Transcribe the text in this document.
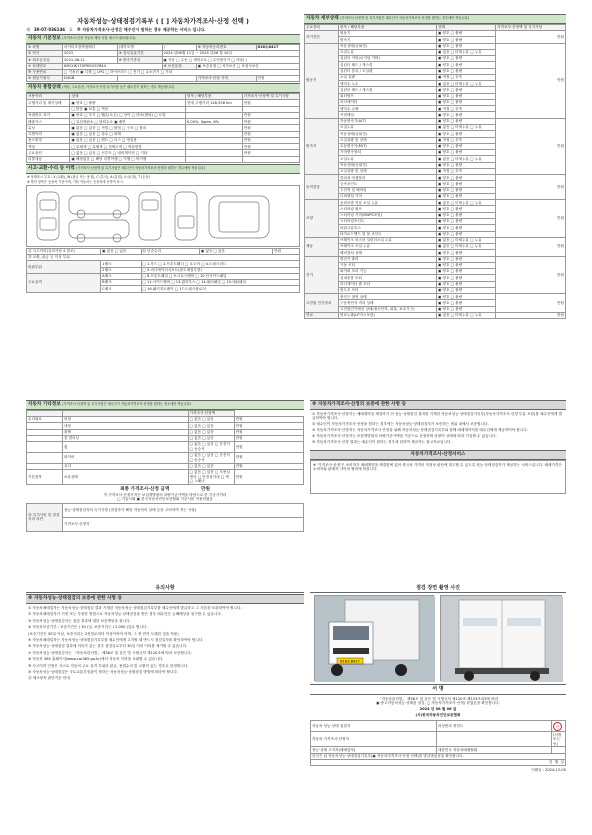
자동차성능·상태점검기록부 ( [ ] 자동차가격조사·산정 선택 )
제 30-07-036146 호 ※ 자동차가격조사·산정은 매수인이 원하는 경우 제공하는 서비스 입니다.
자동차 기본정보 (가격조사·산정 자동차 해당 사항 체크가 필요합니다)
① 차명	마이티초장축원베디	(세부모델	)	⑥ 자동차등록번호	816소8417
② 연식	2021	③ 검사유효기간	2024 년06월 11일 ~ 2025 년06 월 10일		
④ 최초등록일	2021-06-11	⑤ 변속기종류	▣ 자동 □ 수동 □ 세미오토 □ 무단변속기 □ 기타( )		
⑦ 차대번호	KMCHK17GPMC057644		⑧ 보증유형	▣ 보증유형 □ 자가보증 □ 보험사보증	
⑨ 사용연료	□ 가솔린 ▣ 디젤 □ LPG □ 하이브리드 □ 전기 □ 수소전기 □ 기타				
⑩ 원동기형식	D4GB			가격조사·산정 가격	만원
자동차 종합상태 (색상, 주요옵션, 가격조사·산정 특기사항 등은 매수인이 원하는 경우 제공합니다)
사용이력	상태	항목 / 해당부품	가격조사·산정액 및 특기사항
주행거리 및 계기상태	▣ 양호 □ 불량	현재 주행거리 128,558 km	만원
	□ 많음 ▣ 보통 □ 적음		
차대번호 표기	▣ 양호 □ 부식 □ 훼손(오손) □ 상이 □ 변조(변타) □ 도말		만원
배출가스	□ 일산화탄소 □ 탄화수소 ▣ 매연	0.00%, 0ppm, 6%	만원
튜닝	▣ 없음 □ 있음 □ 적법 □ 불법 □ 구조 □ 장치		만원
특별이력	▣ 없음 □ 있음 □ 침수 □ 화재		만원
용도변경	▣ 없음 □ 있음 □ 렌트 □ 리스 □ 영업용		만원
색상	□ 무채색 □ 유채색 □ 전체도색 □ 색상변경		만원
주요옵션	□ 없음 □ 있음 □ 선루프 □ 네비게이션 □ 기타		만원
리콜대상	▣ 해당없음 □ 해당 리콜이행 □ 이행 □ 미이행		
사고·교환·수리 등 이력 (가격조사·산정액 및 특기사항은 매수인이 자동차가격조사·산정을 원하는 경우에만 적습니다)
※ 상태표시 부호 : X (교환), W (판금 또는 용접), C (부식), A (흠집), U (요철), T (손상)
※ 하단 항목은 승용차 기준이며, 기타 자동차는 승용차에 준하여 표시
⑪ 사고이력(유의사항 4 참조)	▣ 없음 □ 있음	⑫ 단순수리	▣ 없음 □ 있음	만원
⑬ 교환, 판금 등 이상 부위				
외판부위	1랭크	□ 1.후드 □ 2.프론트휀더 □ 3.도어 □ 4.트렁크리드		
	2랭크	□ 5.라디에이터서포트(볼트체결부품)		
주요골격	A랭크	□ 8.프론트패널 □ 9.크로스멤버 □ 10.인사이드패널		
	B랭크	□ 12.사이드멤버 □ 13.휠하우스 □ 14.필러패널 □ 15.대쉬패널		
	C랭크	□ 16.패키지트레이 □ 17.트렁크플로어		
자동차 세부상태 (가격조사·산정액 및 특기사항은 매수인이 자동차가격조사·산정을 원하는 경우에만 적습니다)
주요장치	항목 / 해당부품	상태	가격조사·산정액 및 특기사항
자기진단	원동기	▣ 양호 □ 불량	만원
	변속기	▣ 양호 □ 불량	
원동기	작동상태(공회전)	▣ 양호 □ 불량	만원
	오일누유	▣ 없음 □ 미세누유 □ 누유	
	실린더 커버(로커암 커버)	▣ 양호 □ 불량	
	실린더 헤드 / 개스킷	▣ 양호 □ 불량	
	실린더 블록 / 오일팬	▣ 양호 □ 불량	
	오일 유량	▣ 적정 □ 부족	
	냉각수 누수	▣ 없음 □ 미세누유 □ 누유	
	실린더 헤드 / 개스킷	▣ 양호 □ 불량	
	워터펌프	▣ 양호 □ 불량	
	라디에이터	▣ 양호 □ 불량	
	냉각수 수량	▣ 적정 □ 부족	
	커먼레일	▣ 양호 □ 불량	
변속기	자동변속기(A/T)	▣ 양호 □ 불량	만원
	오일누유	▣ 없음 □ 미세누유 □ 누유	
	작동상태(공회전)	▣ 양호 □ 불량	
	오일유량 및 상태	▣ 적정 □ 부족	
	수동변속기(M/T)	▣ 양호 □ 불량	
	기어변속장치	▣ 양호 □ 불량	
	오일누유	▣ 없음 □ 미세누유 □ 누유	
	작동상태(공회전)	▣ 양호 □ 불량	
	오일유량 및 상태	▣ 적정 □ 부족	
동력전달	클러치 어셈블리	▣ 양호 □ 불량	만원
	등속조인트	▣ 양호 □ 불량	
	추진축 및 베어링	▣ 양호 □ 불량	
	디퍼렌셜 기어	▣ 양호 □ 불량	
조향	동력조향 작동 오일 누유	▣ 없음 □ 미세누유 □ 누유	만원
	스티어링 펌프	▣ 양호 □ 불량	
	스티어링 기어(MDPS포함)	▣ 양호 □ 불량	
	스티어링조인트	▣ 양호 □ 불량	
	파워고압호스	▣ 양호 □ 불량	
	타이로드엔드 및 볼 조인트	▣ 양호 □ 불량	
제동	브레이크 마스터 실린더오일 누유	▣ 없음 □ 미세누유 □ 누유	만원
	브레이크 오일 누유	▣ 없음 □ 미세누유 □ 누유	
	배력장치 상태	▣ 양호 □ 불량	
전기	발전기 출력	▣ 양호 □ 불량	만원
	시동 모터	▣ 양호 □ 불량	
	와이퍼 모터 기능	▣ 양호 □ 불량	
	실내송풍 모터	▣ 양호 □ 불량	
	라디에이터 팬 모터	▣ 양호 □ 불량	
	윈도우 모터	▣ 양호 □ 불량	
고전원 전기장치	충전구 절연 상태	▣ 양호 □ 불량	만원
	구동축전지 격리 상태	▣ 양호 □ 불량	
	고전원전기배선 상태(접속단자, 피복, 보호기구)	▣ 양호 □ 불량	
연료	연료누출(LP가스포함)	▣ 없음 □ 미세누유 □ 누유	만원
자동차 기타정보 (가격조사·산정액 및 특기사항은 매수인이 자동차가격조사·산정을 원하는 경우에만 적습니다)
		가격조사·산정액	
수리필요	외장	□ 없음 □ 있음	만원
	내장	□ 없음 □ 있음	만원
	광택	□ 없음 □ 있음	만원
	룸 클리닝	□ 없음 □ 있음	만원
	휠	□ 없음 □ 있음 □ 운전석 □ 동승석	만원
	타이어	□ 없음 □ 있음 □ 운전석 □ 동승석	만원
	유리	□ 없음 □ 있음	만원
기본품목	보유상태	□ 없음 □ 있음 □ 사용설명서 □ 안전삼각대 □ 잭 □ 스패너	만원
최종 가격조사·산정 금액	만원
이 가격조사·산정가격은 보험개발원의 차량기준가액을 바탕으로 한 기준가격과
□ 기술사회 ▣ 한국자동차진단보증협회 기준서를 적용하였음
⑭ 특기사항 및 점검자의 의견	성능·상태점검자의 특기사항 (점검자가 해당 자동차의 상태 등을 고려하여 적는 사항)
가격조사·산정자
※ 자동차가격조사·산정의 보증에 관한 사항 등
① 자동차가격조사·산정자는 매매계약을 체결하기 전 성능·상태점검 결과를 기재한 자동차성능·상태점검기록부(자동차가격조사·산정 부분 포함)를 매수인에게 발급하여야 합니다.
② 매수인이 자동차가격조사·산정을 원하는 경우에는 자동차성능·상태점검자가 보증하는 범위 내에서 보증합니다.
③ 자동차가격조사·산정자는 자동차가격조사·산정을 위해 자동차성능·상태점검기록부와 함께 매매계약서를 매수인에게 제공하여야 합니다.
④ 자동차가격조사·산정자는 보험개발원의 차량기준가액을 기준으로 산정하며 차량의 상태에 따라 가감할 수 있습니다.
⑤ 자동차가격조사·산정 결과는 매수인이 원하는 경우에 한하여 제공하는 참고자료입니다.
자동차가격조사·산정서비스
※ '가격조사·산정'은 소비자가 매매계약을 체결함에 있어 중고차 가격의 적정성 판단에 참고할 수 있도록 성능·상태점검자가 제공하는 서비스입니다. 매매가격은 소비자와 판매자 사이의 협의에 따릅니다.
유의사항
※ 자동차성능·상태점검의 보증에 관한 사항 등
① 자동차매매업자는 자동차성능·상태점검 결과 기재한 자동차성능·상태점검기록부를 매수인에게 발급하고 그 사본을 보관하여야 합니다.
② 자동차매매업자가 거짓 또는 부정한 방법으로 자동차성능·상태점검을 받은 경우 매수인은 손해배상을 청구할 수 있습니다.
③ 자동차성능·상태점검자는 점검 결과에 대한 보증책임을 집니다.
④ 자동차보증기간 : 보증기간은 ( 30 )일, 보증거리는 ( 2,000 )일로 합니다.
(보증기간은 30일 이상, 보증거리는 2천킬로미터 이상이어야 하며, 그 중 먼저 도래한 것을 적용)
⑤ 자동차매매업자는 자동차성능·상태점검기록부를 매수인에게 고지할 때 반드시 점검일자를 확인하여야 합니다.
⑥ 자동차성능·상태점검 결과에 이의가 있는 경우 점검일로부터 30일 이내 이의를 제기할 수 있습니다.
⑦ 자동차성능·상태점검자는 「자동차관리법」 제58조 및 같은 법 시행규칙 제120조에 따라 보증합니다.
⑧ 자동차 365 홈페이지(www.car365.go.kr)에서 자동차 이력을 조회할 수 있습니다.
⑨ 사고이력 인정은 사고로 자동차 주요 골격 부위의 판금, 용접수리 및 교환이 있는 경우로 한정합니다.
⑩ 자동차성능·상태점검은 국토교통부장관이 정하는 자동차성능·상태점검 방법에 따라야 합니다.
⑪ 체크항목 판단기준 안내
점검 장면 촬영 사진
816소8417
서 명
「자동차관리법」 제58조 및 같은 법 시행규칙 제120조·제123조의5에 따라
▣ 중고자동차성능·상태를 점검, □ 자동차가격조사·산정) 하였음을 확인합니다.
2024 년 08 월 08 일
(사)한국자동차진단보증협회
자동차 성능·상태 점검자	라성빈의 정현도	인

자동차 가격조사·산정자		(서명 또는 인)
성능·상태 고지자(매매업자)	대한민국 자동차매매협회	
본인은 위 자동차성능·상태점검기록부(▣ 자동차가격조사·산정 선택)를 발급받았음을 확인합니다.		
년 월 일		
인쇄일 : 2024-12-05
